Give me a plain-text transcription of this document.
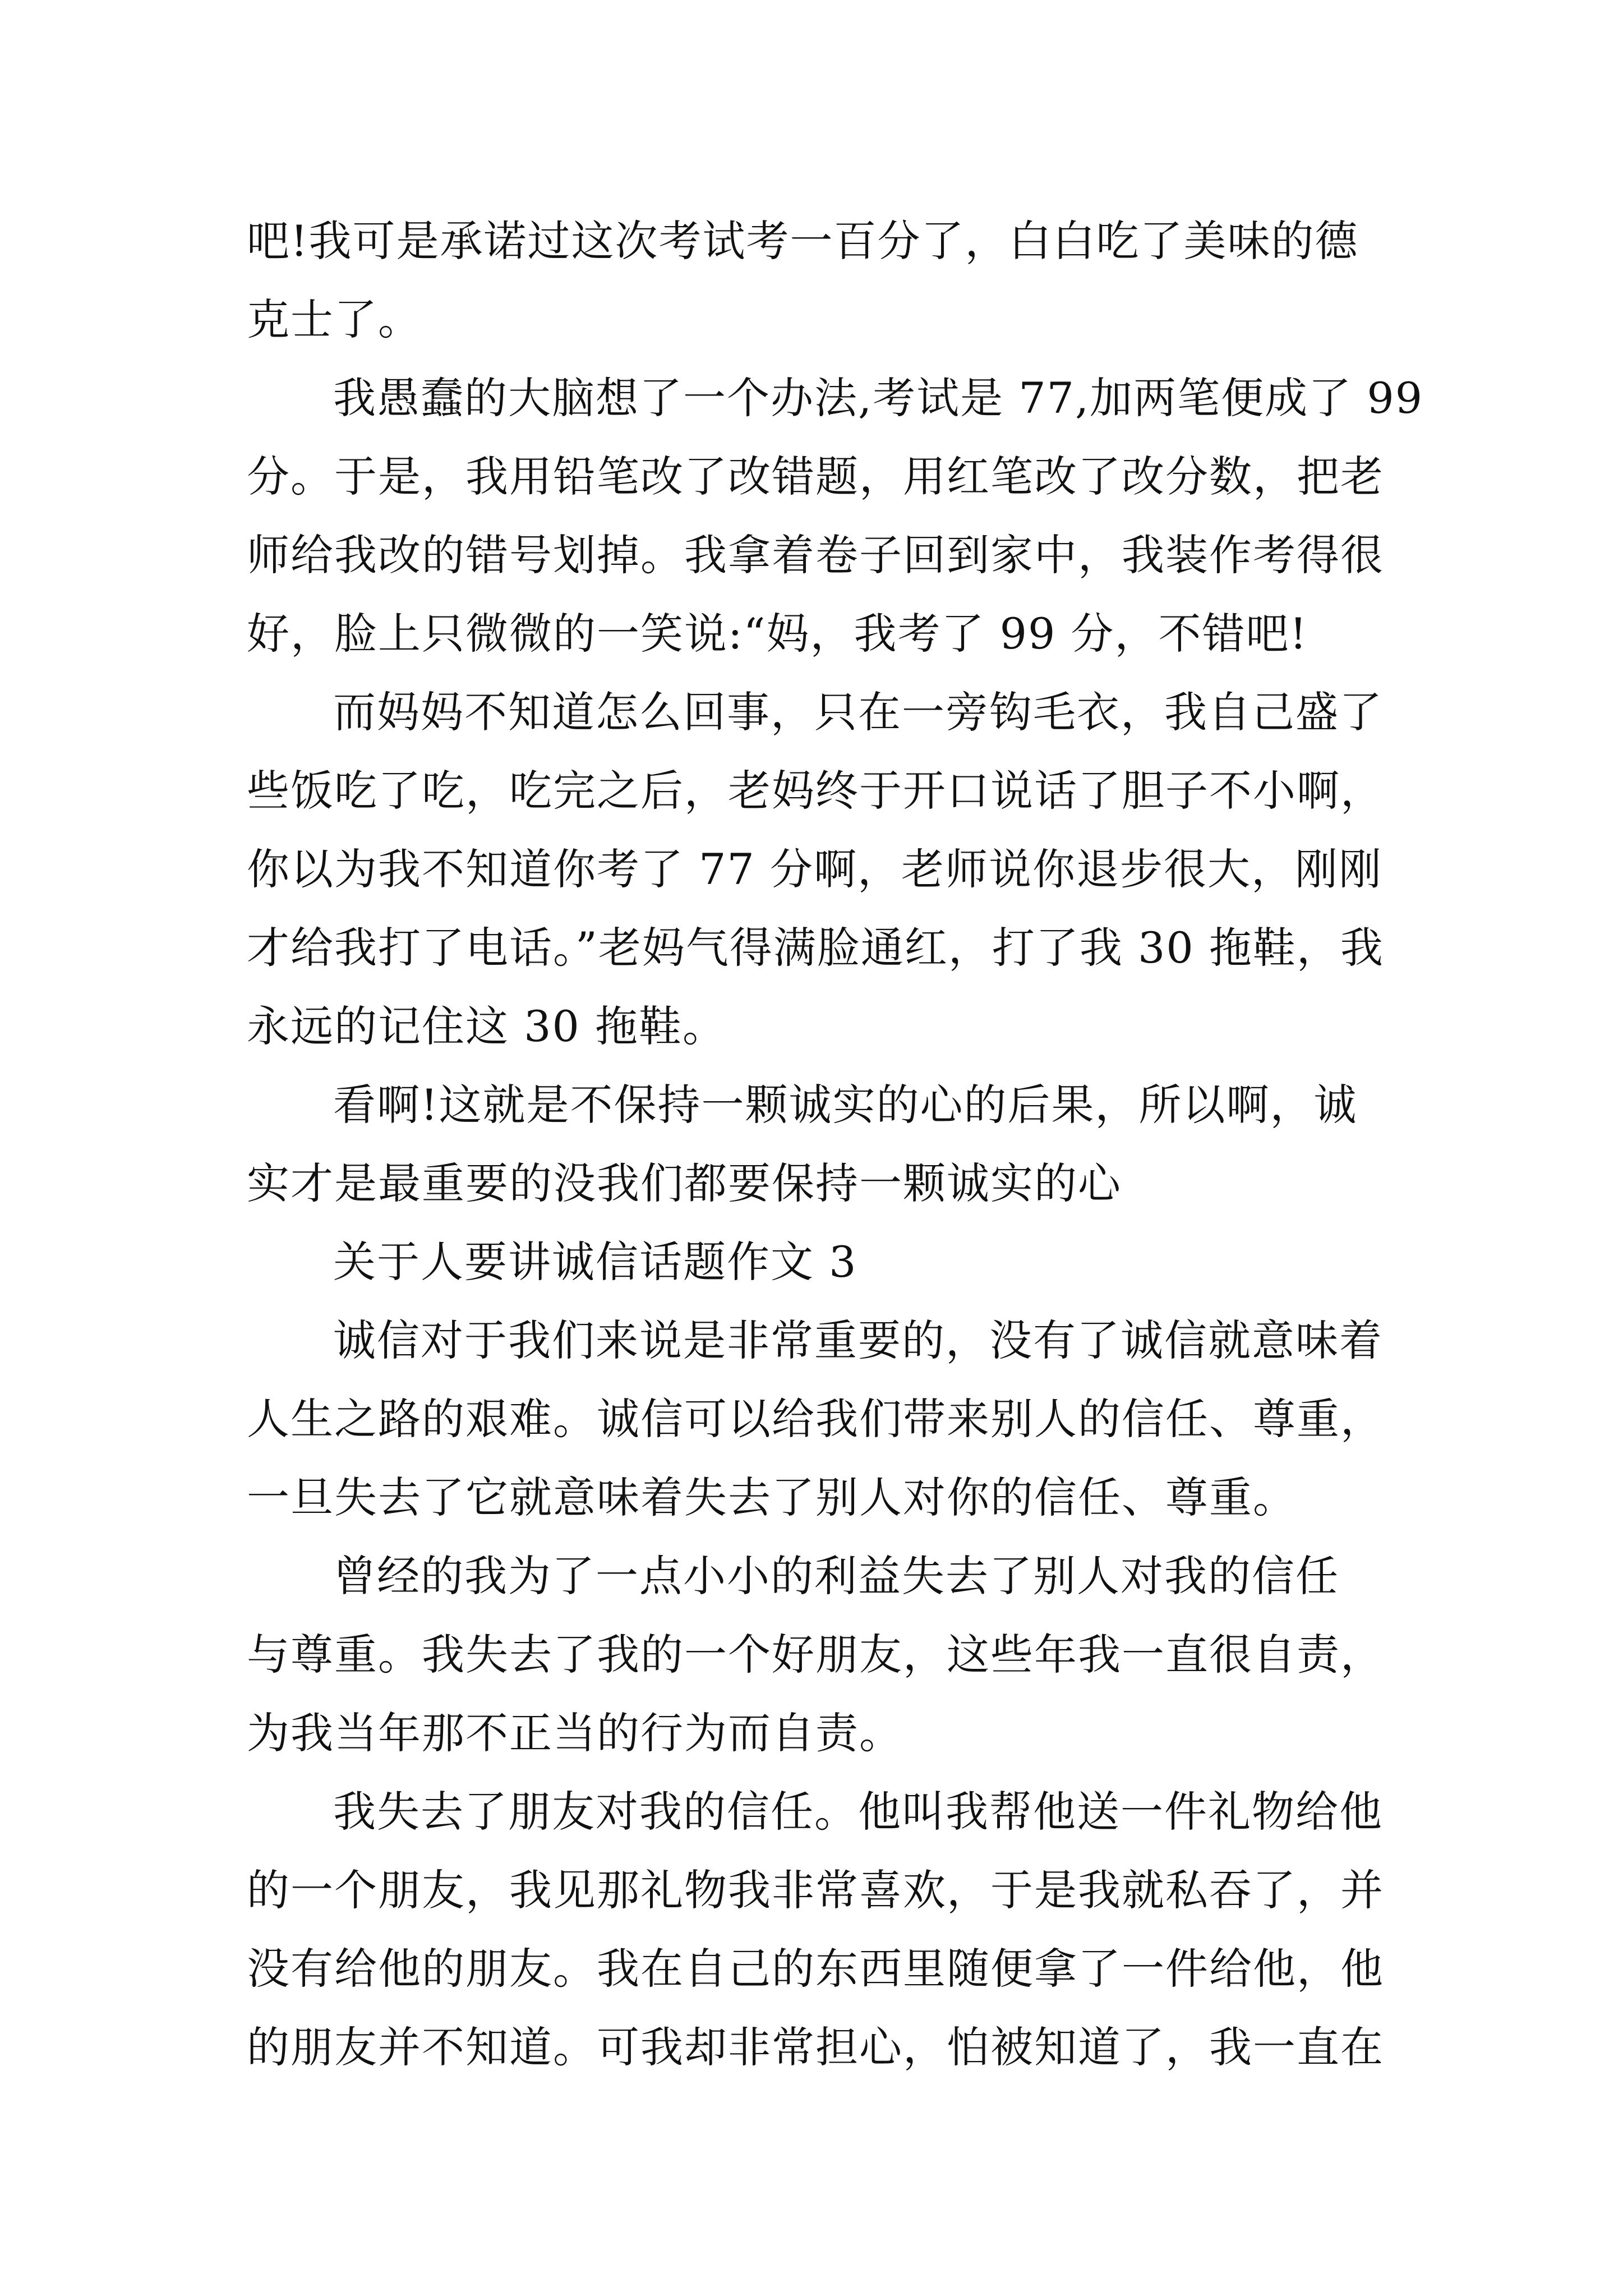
吧!我可是承诺过这次考试考一百分了，白白吃了美味的德
克士了。
我愚蠢的大脑想了一个办法,考试是 77,加两笔便成了 99
分。于是，我用铅笔改了改错题，用红笔改了改分数，把老
师给我改的错号划掉。我拿着卷子回到家中，我装作考得很
好，脸上只微微的一笑说:“妈，我考了 99 分，不错吧!
而妈妈不知道怎么回事，只在一旁钩毛衣，我自己盛了
些饭吃了吃，吃完之后，老妈终于开口说话了胆子不小啊，
你以为我不知道你考了 77 分啊，老师说你退步很大，刚刚
才给我打了电话。”老妈气得满脸通红，打了我 30 拖鞋，我
永远的记住这 30 拖鞋。
看啊!这就是不保持一颗诚实的心的后果，所以啊，诚
实才是最重要的没我们都要保持一颗诚实的心
关于人要讲诚信话题作文 3
诚信对于我们来说是非常重要的，没有了诚信就意味着
人生之路的艰难。诚信可以给我们带来别人的信任、尊重，
一旦失去了它就意味着失去了别人对你的信任、尊重。
曾经的我为了一点小小的利益失去了别人对我的信任
与尊重。我失去了我的一个好朋友，这些年我一直很自责，
为我当年那不正当的行为而自责。
我失去了朋友对我的信任。他叫我帮他送一件礼物给他
的一个朋友，我见那礼物我非常喜欢，于是我就私吞了，并
没有给他的朋友。我在自己的东西里随便拿了一件给他，他
的朋友并不知道。可我却非常担心，怕被知道了，我一直在
